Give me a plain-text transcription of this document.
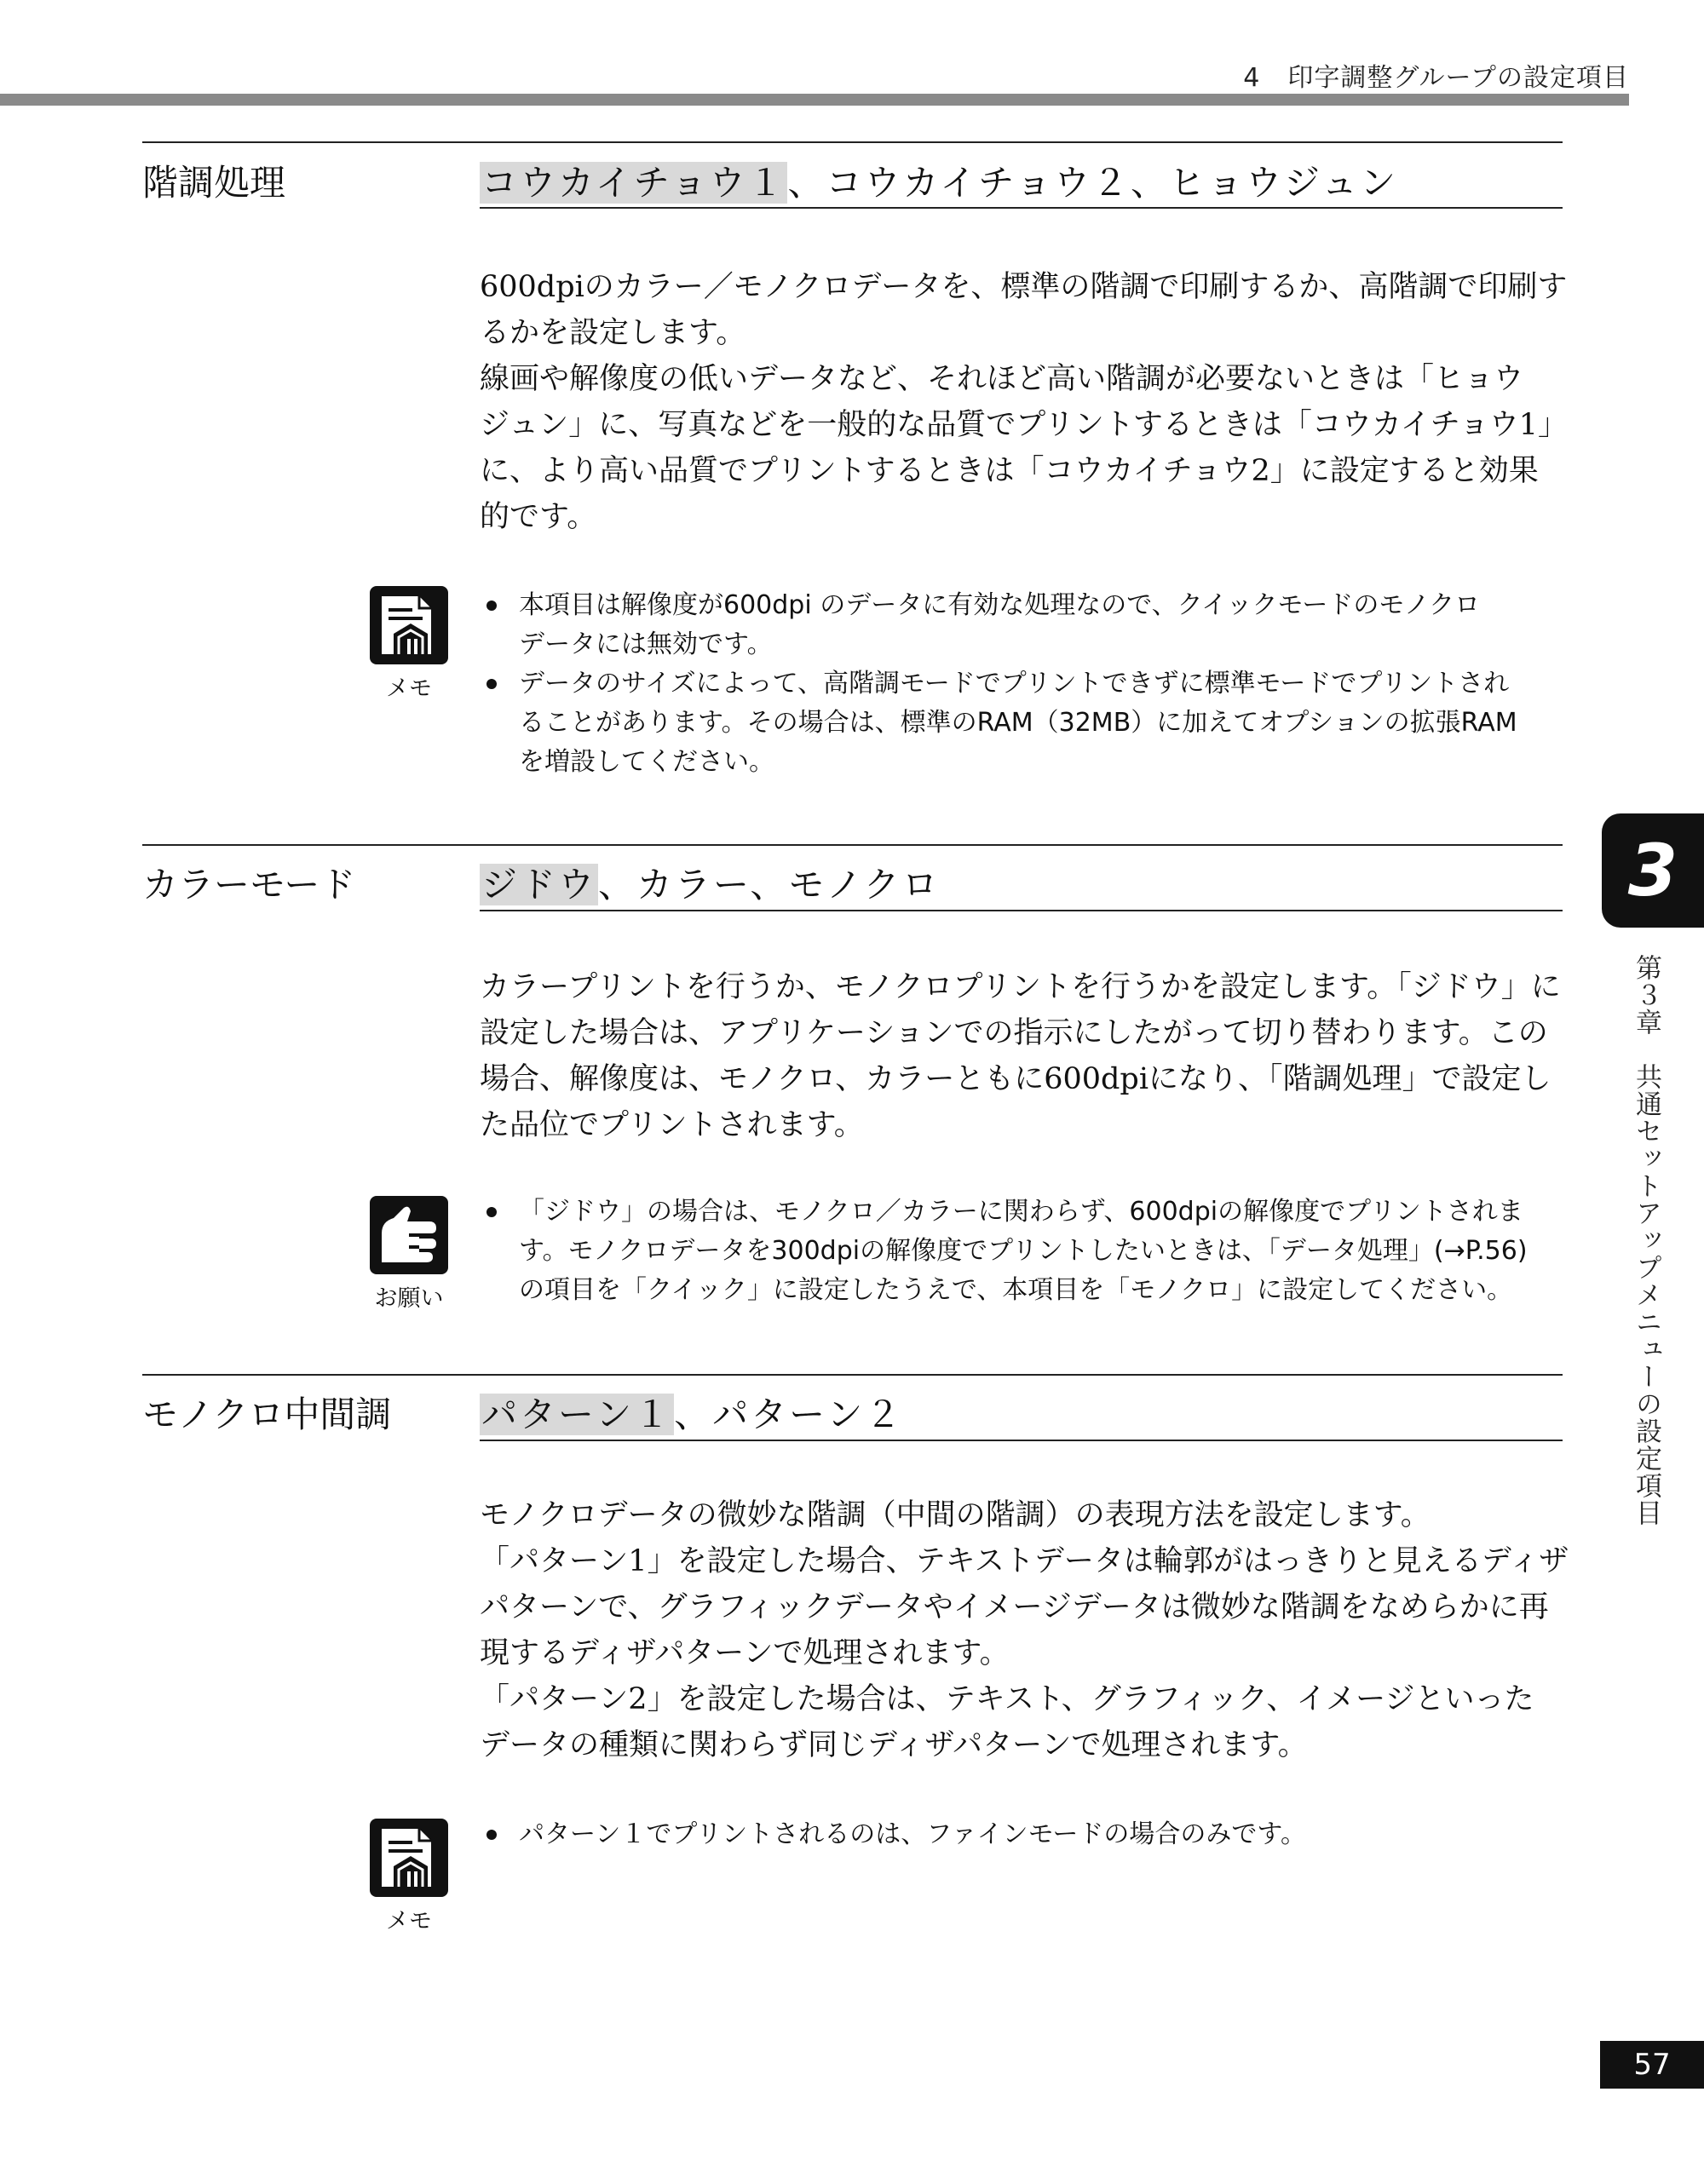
4 印字調整グループの設定項目
階調処理	コウカイチョウ１、コウカイチョウ２、ヒョウジュン

600dpiのカラー／モノクロデータを、標準の階調で印刷するか、高階調で印刷す

るかを設定します。

線画や解像度の低いデータなど、それほど高い階調が必要ないときは「ヒョウ

ジュン」に、写真などを一般的な品質でプリントするときは「コウカイチョウ1」

に、より高い品質でプリントするときは「コウカイチョウ2」に設定すると効果

的です。

メモ
本項目は解像度が600dpi のデータに有効な処理なので、クイックモードのモノクロ
データには無効です。
データのサイズによって、高階調モードでプリントできずに標準モードでプリントされ
ることがあります。その場合は、標準のRAM（32MB）に加えてオプションの拡張RAM
を増設してください。
カラーモード	ジドウ、カラー、モノクロ

カラープリントを行うか、モノクロプリントを行うかを設定します。「ジドウ」に

設定した場合は、アプリケーションでの指示にしたがって切り替わります。この

場合、解像度は、モノクロ、カラーともに600dpiになり、「階調処理」で設定し

た品位でプリントされます。

お願い
「ジドウ」の場合は、モノクロ／カラーに関わらず、600dpiの解像度でプリントされま
す。モノクロデータを300dpiの解像度でプリントしたいときは、「データ処理」(→P.56)
の項目を「クイック」に設定したうえで、本項目を「モノクロ」に設定してください。
モノクロ中間調	パターン１、パターン２

モノクロデータの微妙な階調（中間の階調）の表現方法を設定します。

「パターン1」を設定した場合、テキストデータは輪郭がはっきりと見えるディザ

パターンで、グラフィックデータやイメージデータは微妙な階調をなめらかに再

現するディザパターンで処理されます。

「パターン2」を設定した場合は、テキスト、グラフィック、イメージといった

データの種類に関わらず同じディザパターンで処理されます。

メモ
パターン１でプリントされるのは、ファインモードの場合のみです。
3
第３章　共通セットアップメニューの設定項目
57
